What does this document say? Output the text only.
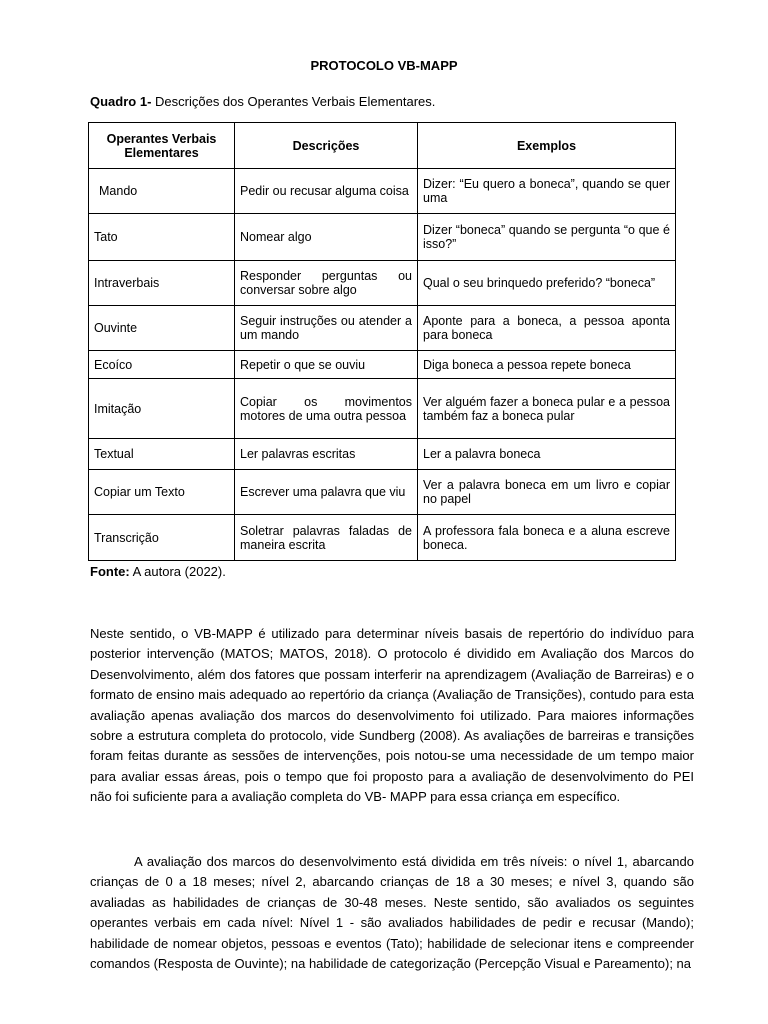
PROTOCOLO VB-MAPP
Quadro 1- Descrições dos Operantes Verbais Elementares.
Operantes Verbais Elementares	Descrições	Exemplos
Mando	Pedir ou recusar alguma coisa	Dizer: “Eu quero a boneca”, quando se quer uma
Tato	Nomear algo	Dizer “boneca” quando se pergunta “o que é isso?”
Intraverbais	Responder perguntas ou conversar sobre algo	Qual o seu brinquedo preferido? “boneca”
Ouvinte	Seguir instruções ou atender a um mando	Aponte para a boneca, a pessoa aponta para boneca
Ecoíco	Repetir o que se ouviu	Diga boneca a pessoa repete boneca
Imitação	Copiar os movimentos motores de uma outra pessoa	Ver alguém fazer a boneca pular e a pessoa também faz a boneca pular
Textual	Ler palavras escritas	Ler a palavra boneca
Copiar um Texto	Escrever uma palavra que viu	Ver a palavra boneca em um livro e copiar no papel
Transcrição	Soletrar palavras faladas de maneira escrita	A professora fala boneca e a aluna escreve boneca.
Fonte: A autora (2022).

Neste sentido, o VB-MAPP é utilizado para determinar níveis basais de repertório do indivíduo para posterior intervenção (MATOS; MATOS, 2018). O protocolo é dividido em Avaliação dos Marcos do Desenvolvimento, além dos fatores que possam interferir na aprendizagem (Avaliação de Barreiras) e o formato de ensino mais adequado ao repertório da criança (Avaliação de Transições), contudo para esta avaliação apenas avaliação dos marcos do desenvolvimento foi utilizado. Para maiores informações sobre a estrutura completa do protocolo, vide Sundberg (2008). As avaliações de barreiras e transições foram feitas durante as sessões de intervenções, pois notou-se uma necessidade de um tempo maior para avaliar essas áreas, pois o tempo que foi proposto para a avaliação de desenvolvimento do PEI não foi suficiente para a avaliação completa do VB- MAPP para essa criança em específico.

A avaliação dos marcos do desenvolvimento está dividida em três níveis: o nível 1, abarcando crianças de 0 a 18 meses; nível 2, abarcando crianças de 18 a 30 meses; e nível 3, quando são avaliadas as habilidades de crianças de 30-48 meses. Neste sentido, são avaliados os seguintes operantes verbais em cada nível: Nível 1 - são avaliados habilidades de pedir e recusar (Mando); habilidade de nomear objetos, pessoas e eventos (Tato); habilidade de selecionar itens e compreender comandos (Resposta de Ouvinte); na habilidade de categorização (Percepção Visual e Pareamento); na
